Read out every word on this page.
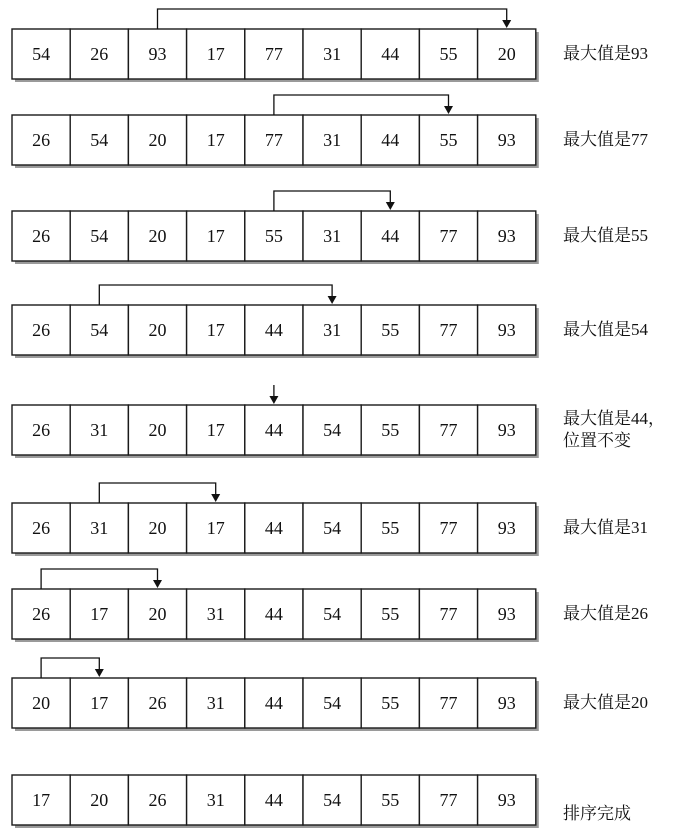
54 26 93 17 77 31 44 55 20
26 54 20 17 77 31 44 55 93
26 54 20 17 55 31 44 77 93
26 54 20 17 44 31 55 77 93
26 31 20 17 44 54 55 77 93
26 31 20 17 44 54 55 77 93
26 17 20 31 44 54 55 77 93
20 17 26 31 44 54 55 77 93
17 20 26 31 44 54 55 77 93
最大值是93
最大值是77
最大值是55
最大值是54
最大值是44，
位置不变
最大值是31
最大值是26
最大值是20
排序完成
